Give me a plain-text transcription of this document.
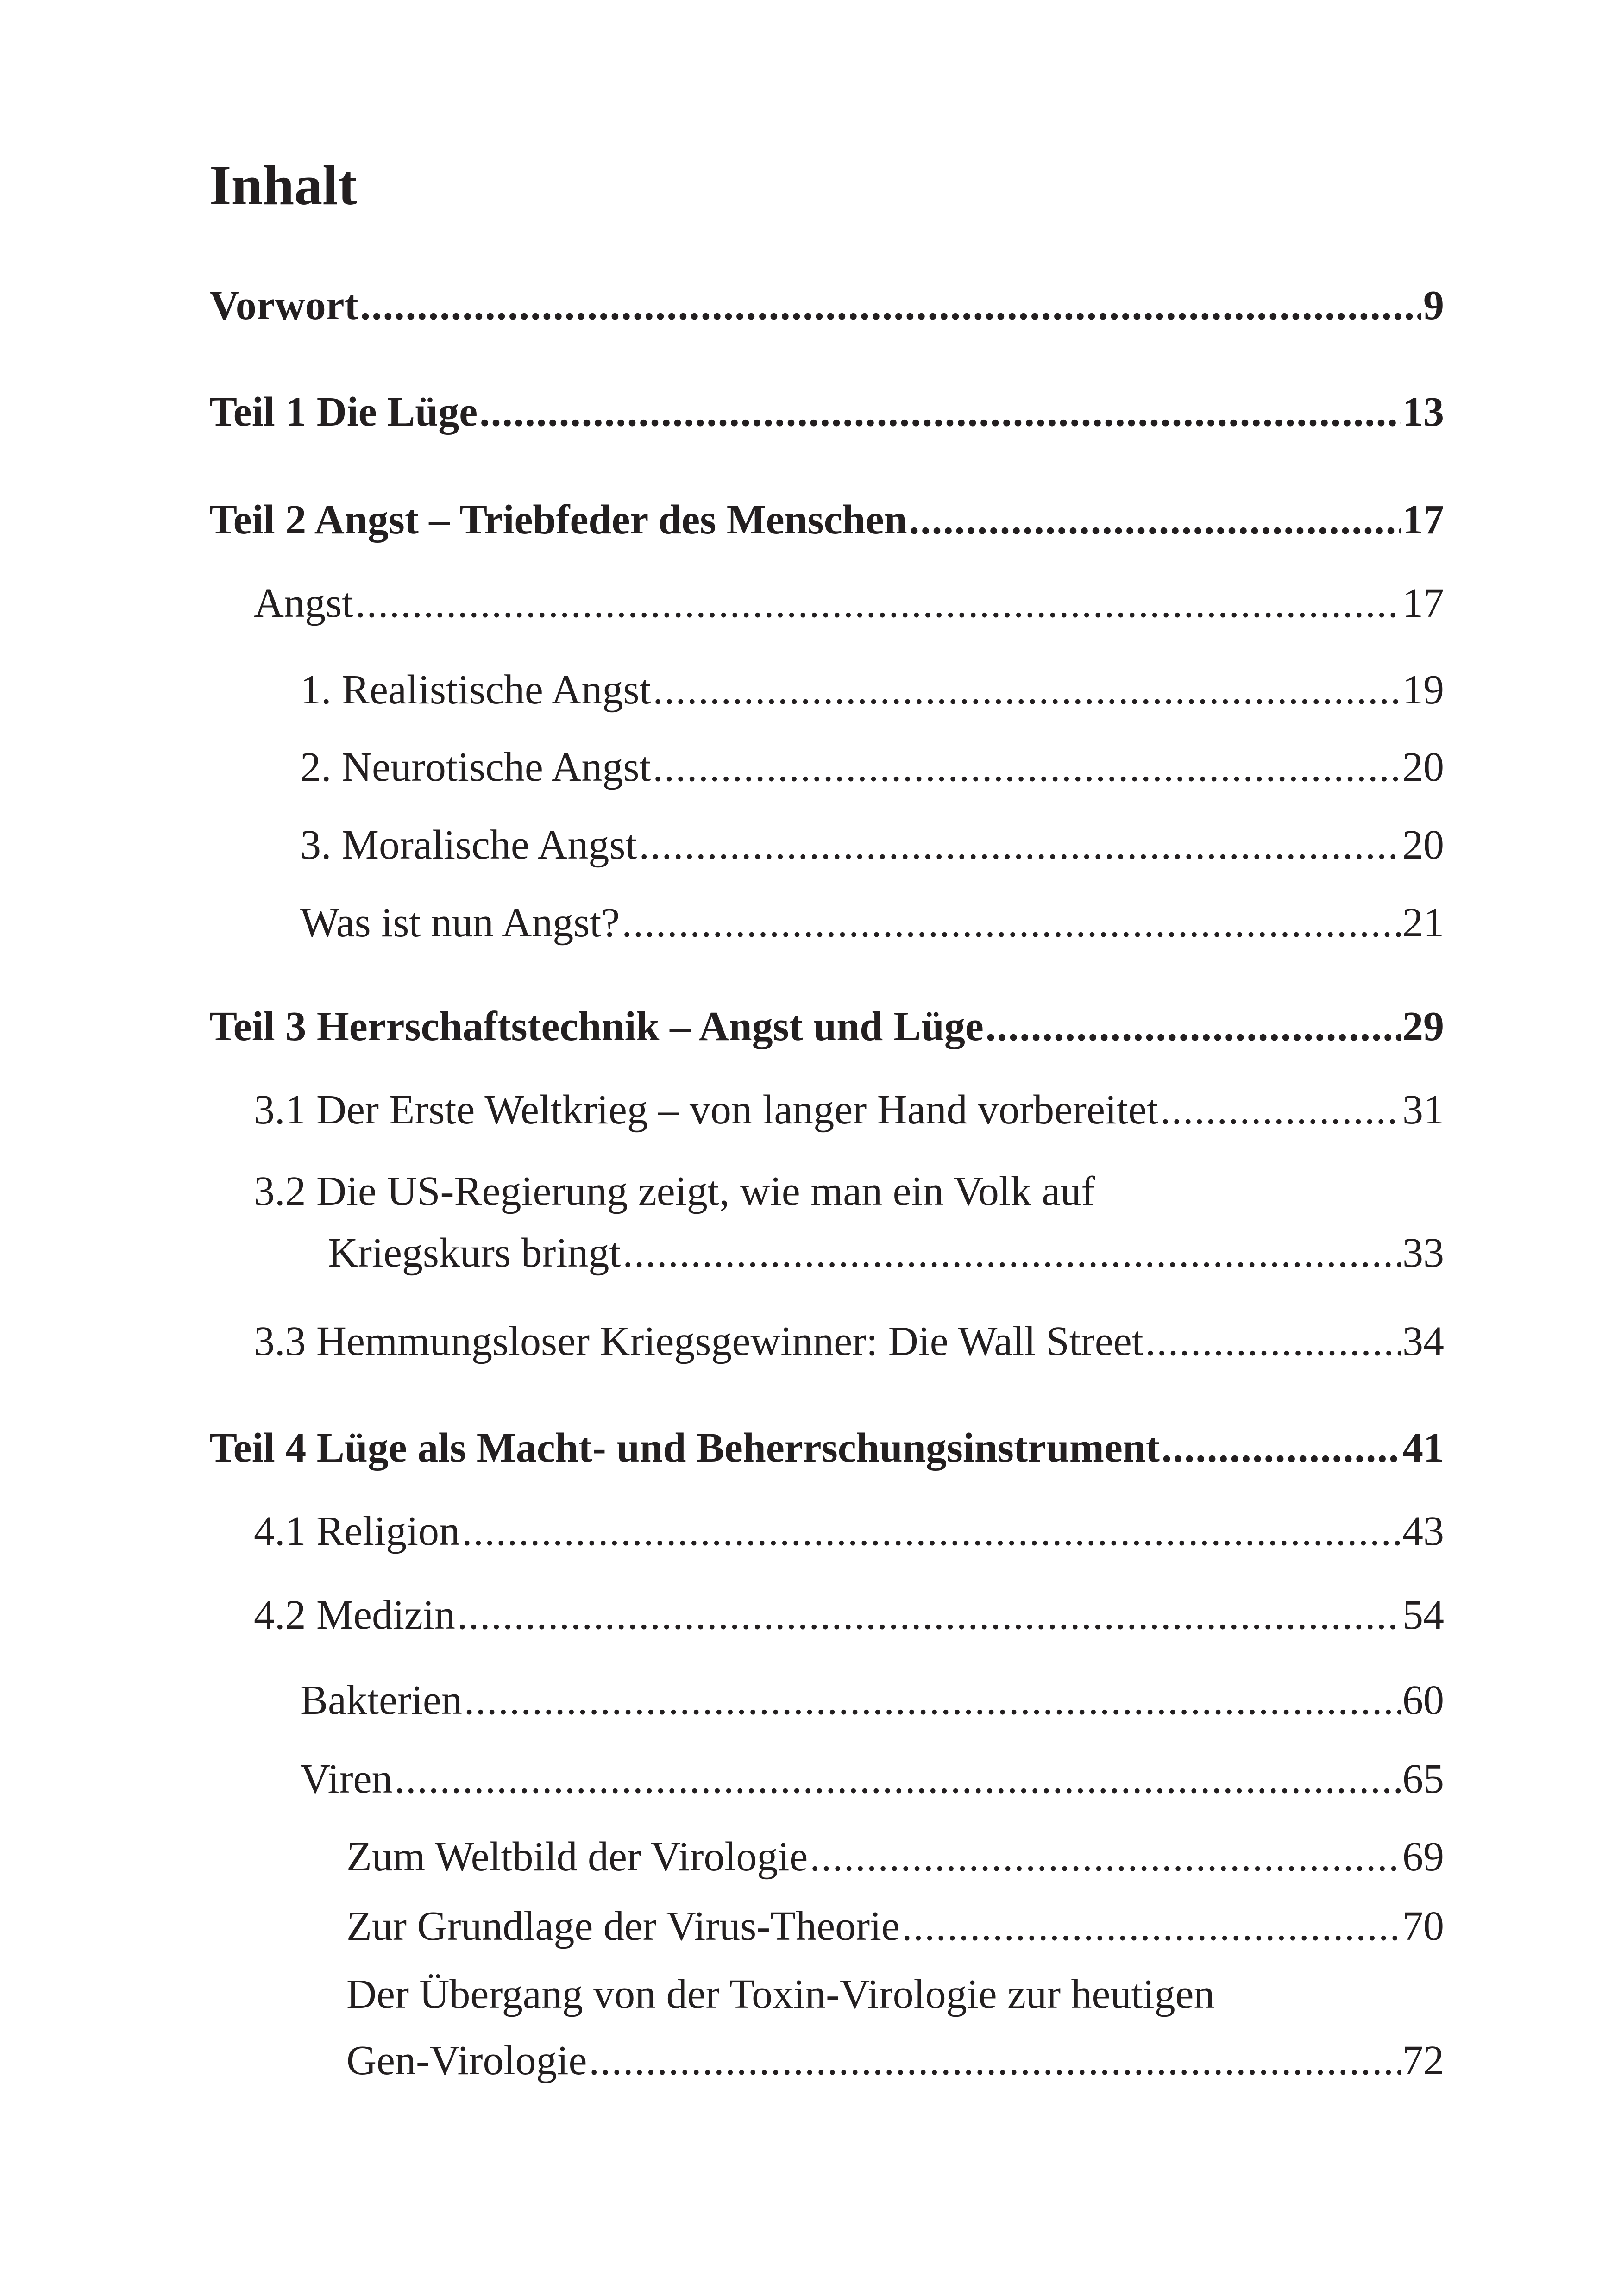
Inhalt
Vorwort .....	9
Teil 1 Die Lüge .....	13
Teil 2 Angst – Triebfeder des Menschen .....	17
Angst .....	17
1. Realistische Angst .....	19
2. Neurotische Angst .....	20
3. Moralische Angst .....	20
Was ist nun Angst? .....	21
Teil 3 Herrschaftstechnik – Angst und Lüge .....	29
3.1 Der Erste Weltkrieg – von langer Hand vorbereitet .....	31
3.2 Die US-Regierung zeigt, wie man ein Volk auf
Kriegskurs bringt .....	33
3.3 Hemmungsloser Kriegsgewinner: Die Wall Street .....	34
Teil 4 Lüge als Macht- und Beherrschungsinstrument .....	41
4.1 Religion .....	43
4.2 Medizin .....	54
Bakterien .....	60
Viren .....	65
Zum Weltbild der Virologie .....	69
Zur Grundlage der Virus-Theorie .....	70
Der Übergang von der Toxin-Virologie zur heutigen
Gen-Virologie .....	72
